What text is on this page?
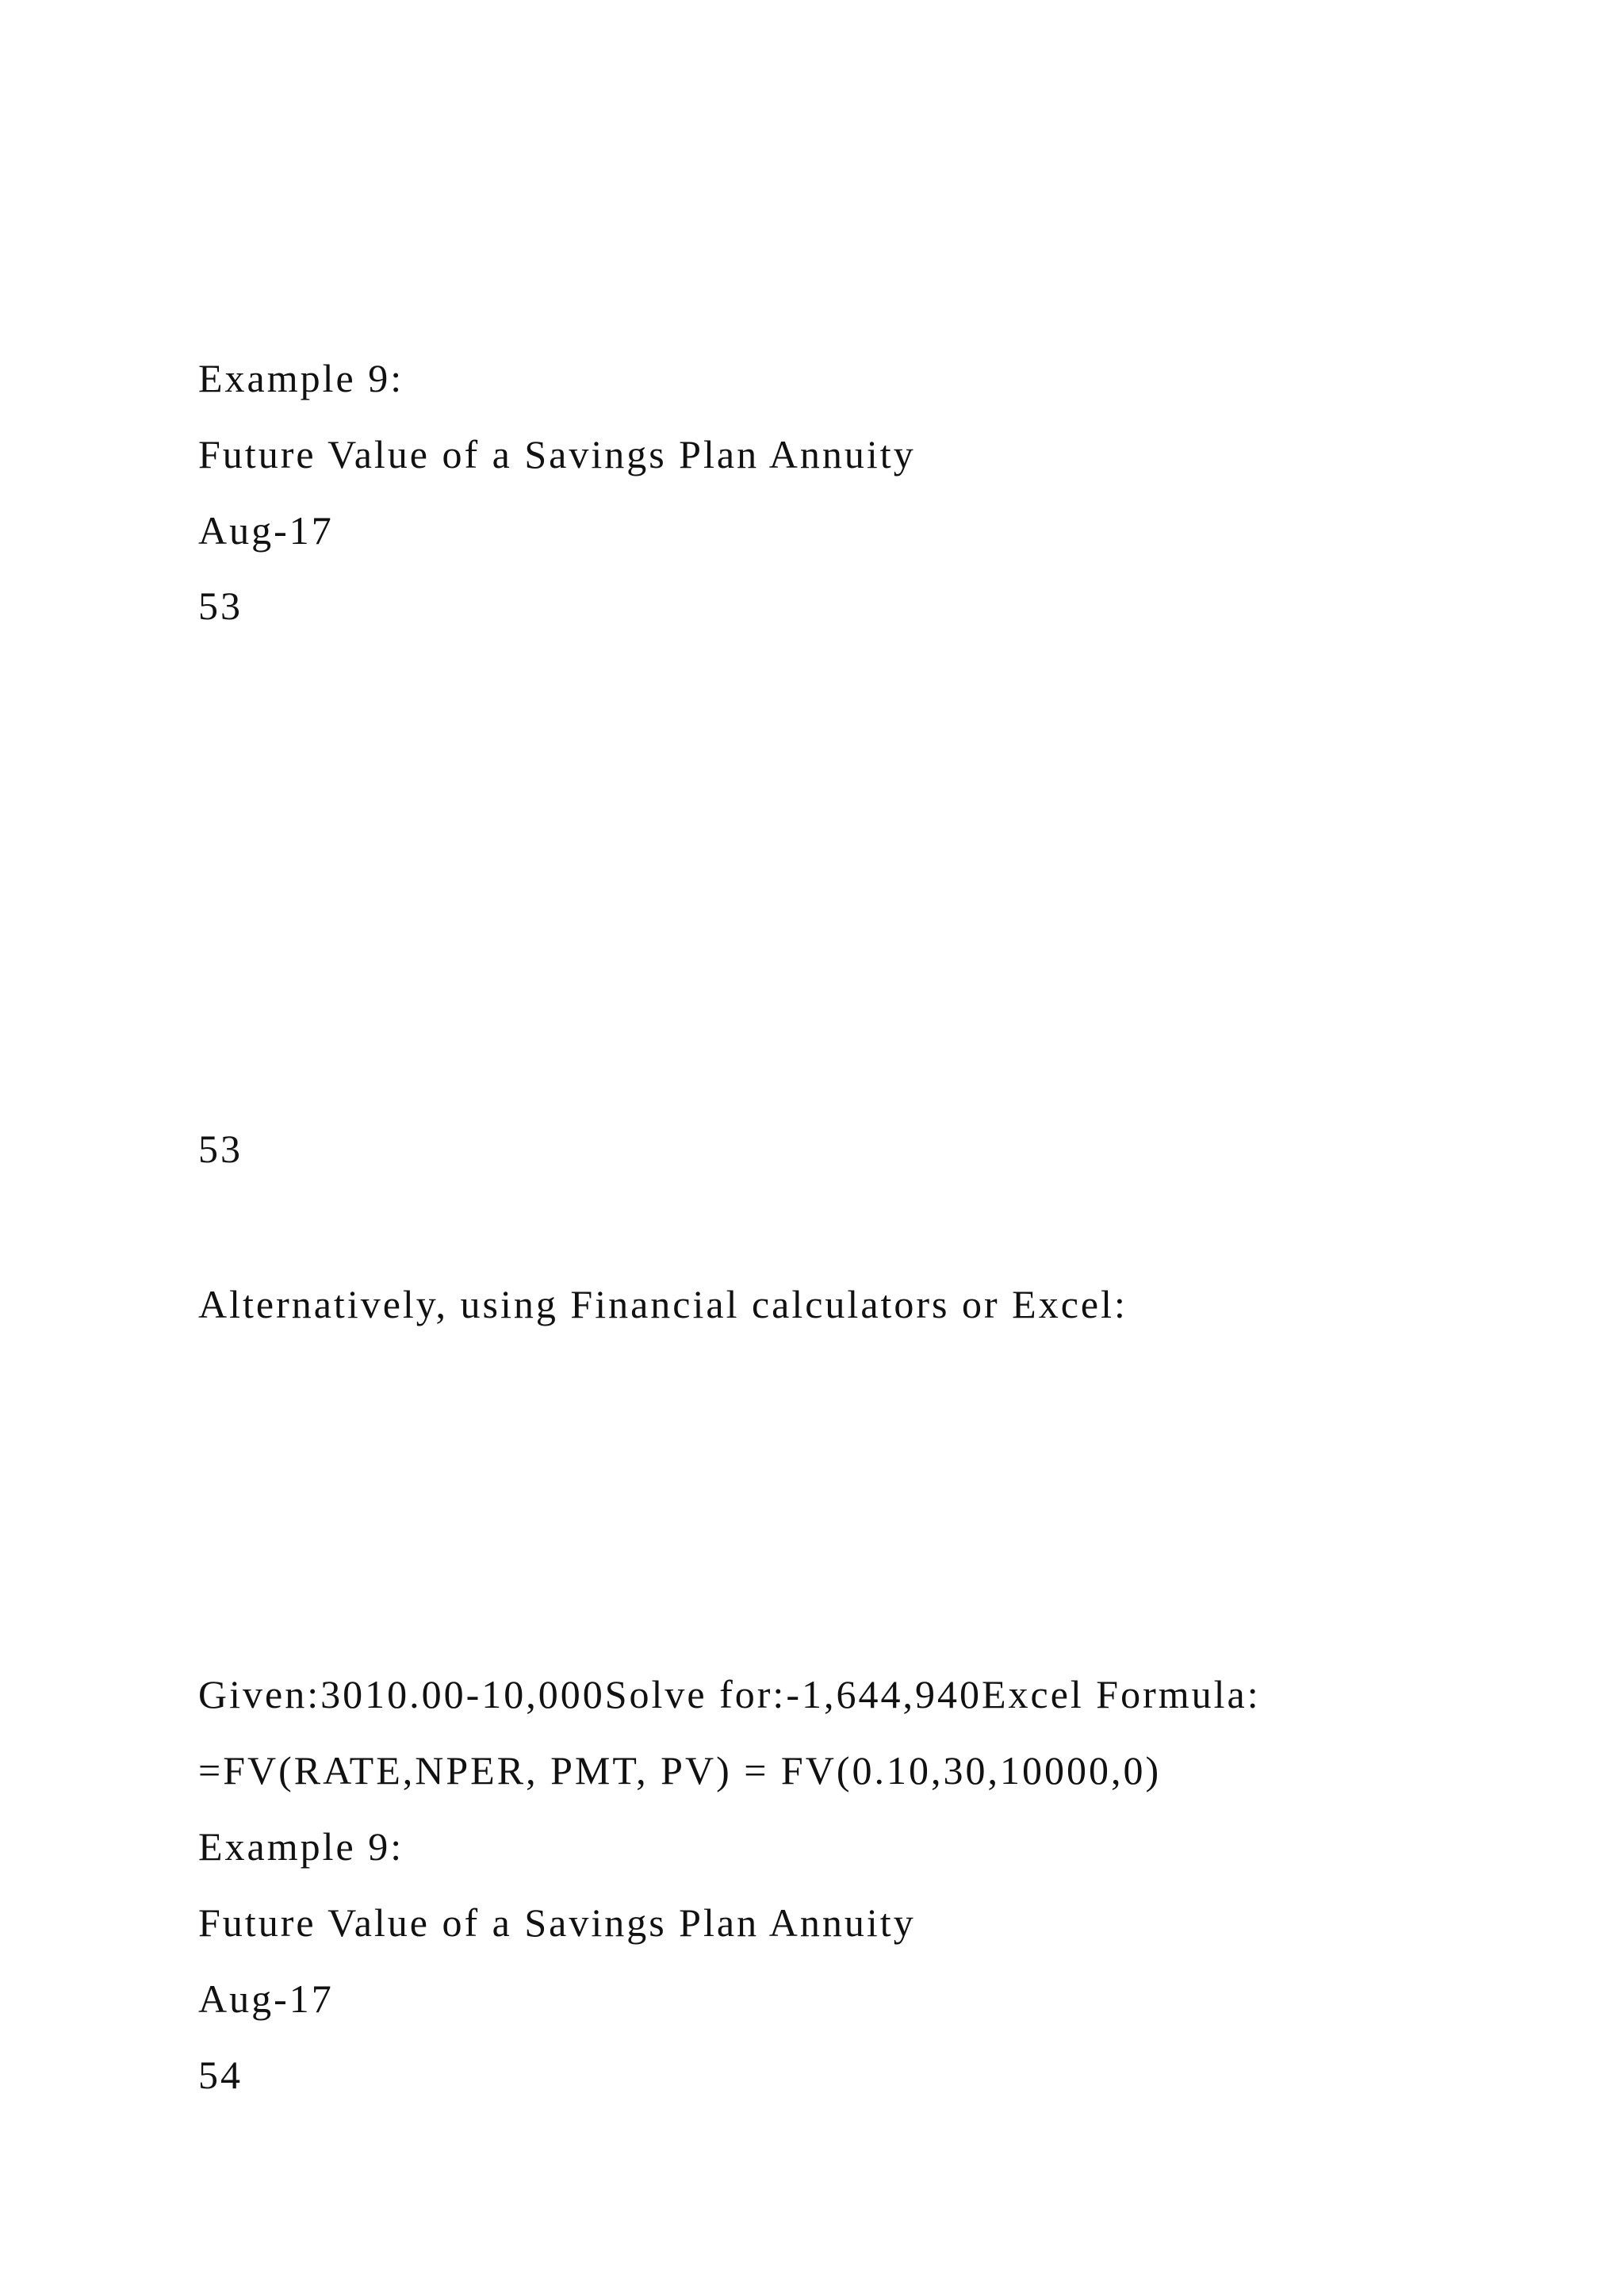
Example 9:
Future Value of a Savings Plan Annuity
Aug-17
53
53
Alternatively, using Financial calculators or Excel:
Given:3010.00-10,000Solve for:-1,644,940Excel Formula:
=FV(RATE,NPER, PMT, PV) = FV(0.10,30,10000,0)
Example 9:
Future Value of a Savings Plan Annuity
Aug-17
54
